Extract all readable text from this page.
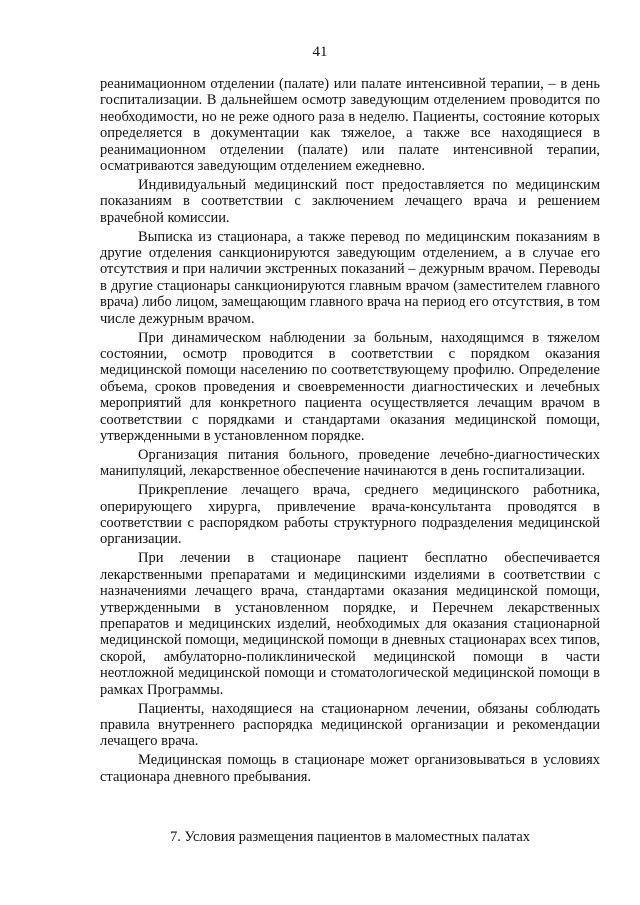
41

реанимационном отделении (палате) или палате интенсивной терапии, – в день госпитализации. В дальнейшем осмотр заведующим отделением проводится по необходимости, но не реже одного раза в неделю. Пациенты, состояние которых определяется в документации как тяжелое, а также все находящиеся в реанимационном отделении (палате) или палате интенсивной терапии, осматриваются заведующим отделением ежедневно.

Индивидуальный медицинский пост предоставляется по медицинским показаниям в соответствии с заключением лечащего врача и решением врачебной комиссии.

Выписка из стационара, а также перевод по медицинским показаниям в другие отделения санкционируются заведующим отделением, а в случае его отсутствия и при наличии экстренных показаний – дежурным врачом. Переводы в другие стационары санкционируются главным врачом (заместителем главного врача) либо лицом, замещающим главного врача на период его отсутствия, в том числе дежурным врачом.

При динамическом наблюдении за больным, находящимся в тяжелом состоянии, осмотр проводится в соответствии с порядком оказания медицинской помощи населению по соответствующему профилю. Определение объема, сроков проведения и своевременности диагностических и лечебных мероприятий для конкретного пациента осуществляется лечащим врачом в соответствии с порядками и стандартами оказания медицинской помощи, утвержденными в установленном порядке.

Организация питания больного, проведение лечебно-диагностических манипуляций, лекарственное обеспечение начинаются в день госпитализации.

Прикрепление лечащего врача, среднего медицинского работника, оперирующего хирурга, привлечение врача-консультанта проводятся в соответствии с распорядком работы структурного подразделения медицинской организации.

При лечении в стационаре пациент бесплатно обеспечивается лекарственными препаратами и медицинскими изделиями в соответствии с назначениями лечащего врача, стандартами оказания медицинской помощи, утвержденными в установленном порядке, и Перечнем лекарственных препаратов и медицинских изделий, необходимых для оказания стационарной медицинской помощи, медицинской помощи в дневных стационарах всех типов, скорой, амбулаторно-поликлинической медицинской помощи в части неотложной медицинской помощи и стоматологической медицинской помощи в рамках Программы.

Пациенты, находящиеся на стационарном лечении, обязаны соблюдать правила внутреннего распорядка медицинской организации и рекомендации лечащего врача.

Медицинская помощь в стационаре может организовываться в условиях стационара дневного пребывания.

7. Условия размещения пациентов в маломестных палатах
